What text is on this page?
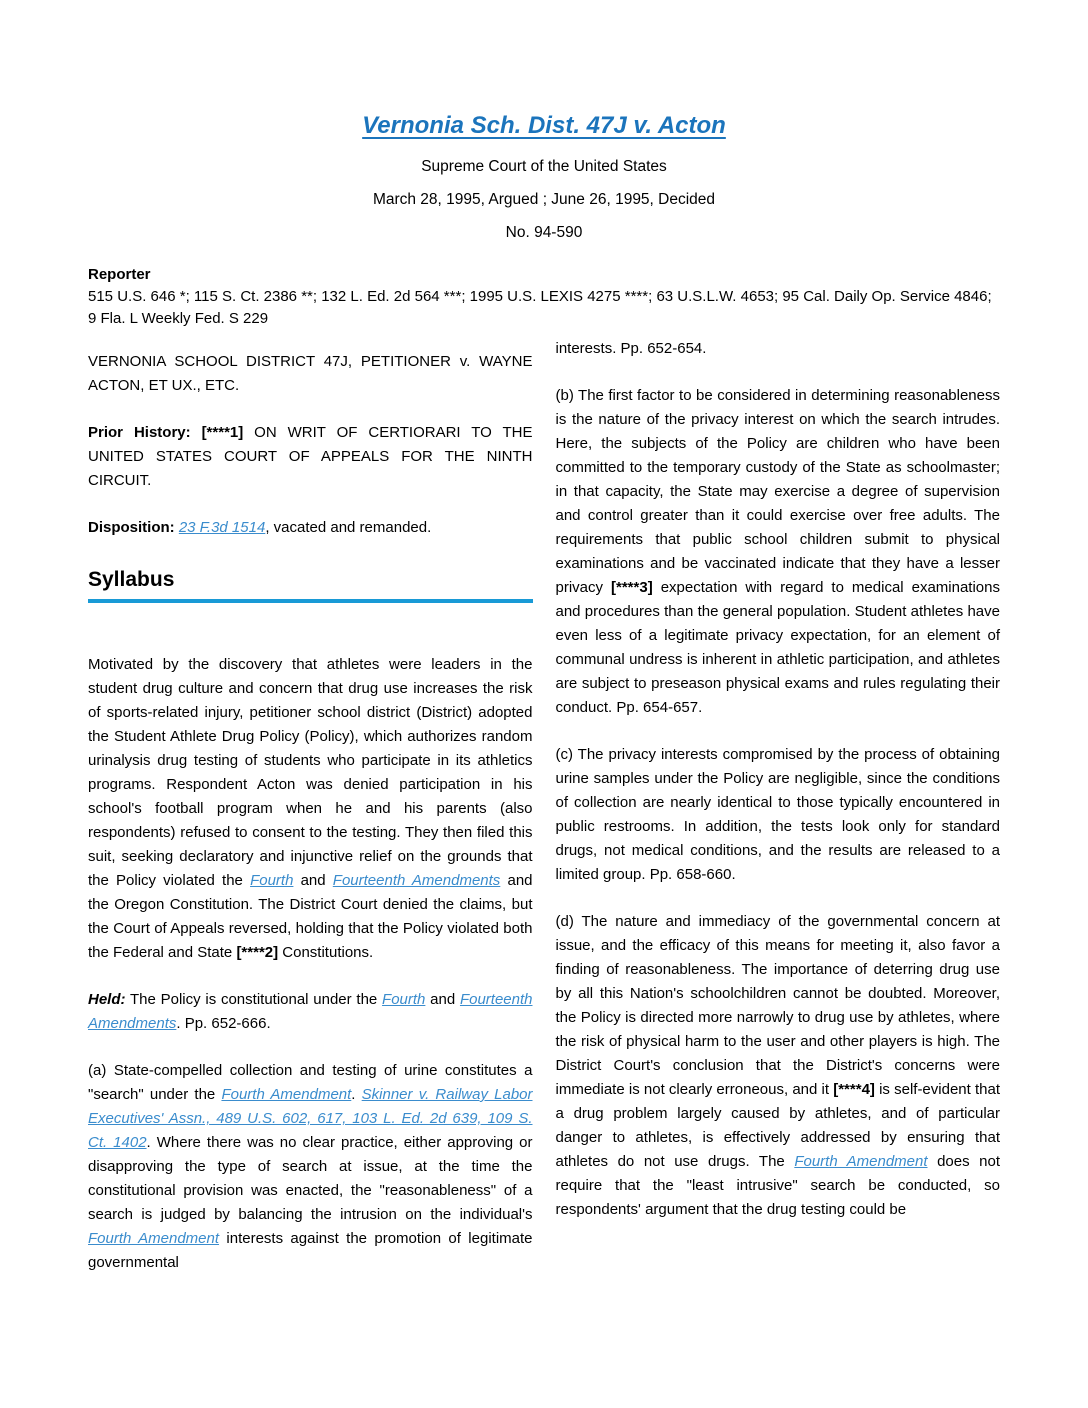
Vernonia Sch. Dist. 47J v. Acton
Supreme Court of the United States
March 28, 1995, Argued ; June 26, 1995, Decided
No. 94-590
Reporter
515 U.S. 646 *; 115 S. Ct. 2386 **; 132 L. Ed. 2d 564 ***; 1995 U.S. LEXIS 4275 ****; 63 U.S.L.W. 4653; 95 Cal. Daily Op. Service 4846; 9 Fla. L Weekly Fed. S 229

VERNONIA SCHOOL DISTRICT 47J, PETITIONER v. WAYNE ACTON, ET UX., ETC.

Prior History: [****1] ON WRIT OF CERTIORARI TO THE UNITED STATES COURT OF APPEALS FOR THE NINTH CIRCUIT.

Disposition: 23 F.3d 1514, vacated and remanded.

Syllabus

Motivated by the discovery that athletes were leaders in the student drug culture and concern that drug use increases the risk of sports-related injury, petitioner school district (District) adopted the Student Athlete Drug Policy (Policy), which authorizes random urinalysis drug testing of students who participate in its athletics programs. Respondent Acton was denied participation in his school's football program when he and his parents (also respondents) refused to consent to the testing. They then filed this suit, seeking declaratory and injunctive relief on the grounds that the Policy violated the Fourth and Fourteenth Amendments and the Oregon Constitution. The District Court denied the claims, but the Court of Appeals reversed, holding that the Policy violated both the Federal and State [****2] Constitutions.

Held: The Policy is constitutional under the Fourth and Fourteenth Amendments. Pp. 652-666.

(a) State-compelled collection and testing of urine constitutes a "search" under the Fourth Amendment. Skinner v. Railway Labor Executives' Assn., 489 U.S. 602, 617, 103 L. Ed. 2d 639, 109 S. Ct. 1402. Where there was no clear practice, either approving or disapproving the type of search at issue, at the time the constitutional provision was enacted, the "reasonableness" of a search is judged by balancing the intrusion on the individual's Fourth Amendment interests against the promotion of legitimate governmental

interests. Pp. 652-654.

(b) The first factor to be considered in determining reasonableness is the nature of the privacy interest on which the search intrudes. Here, the subjects of the Policy are children who have been committed to the temporary custody of the State as schoolmaster; in that capacity, the State may exercise a degree of supervision and control greater than it could exercise over free adults. The requirements that public school children submit to physical examinations and be vaccinated indicate that they have a lesser privacy [****3] expectation with regard to medical examinations and procedures than the general population. Student athletes have even less of a legitimate privacy expectation, for an element of communal undress is inherent in athletic participation, and athletes are subject to preseason physical exams and rules regulating their conduct. Pp. 654-657.

(c) The privacy interests compromised by the process of obtaining urine samples under the Policy are negligible, since the conditions of collection are nearly identical to those typically encountered in public restrooms. In addition, the tests look only for standard drugs, not medical conditions, and the results are released to a limited group. Pp. 658-660.

(d) The nature and immediacy of the governmental concern at issue, and the efficacy of this means for meeting it, also favor a finding of reasonableness. The importance of deterring drug use by all this Nation's schoolchildren cannot be doubted. Moreover, the Policy is directed more narrowly to drug use by athletes, where the risk of physical harm to the user and other players is high. The District Court's conclusion that the District's concerns were immediate is not clearly erroneous, and it [****4] is self-evident that a drug problem largely caused by athletes, and of particular danger to athletes, is effectively addressed by ensuring that athletes do not use drugs. The Fourth Amendment does not require that the "least intrusive" search be conducted, so respondents' argument that the drug testing could be
